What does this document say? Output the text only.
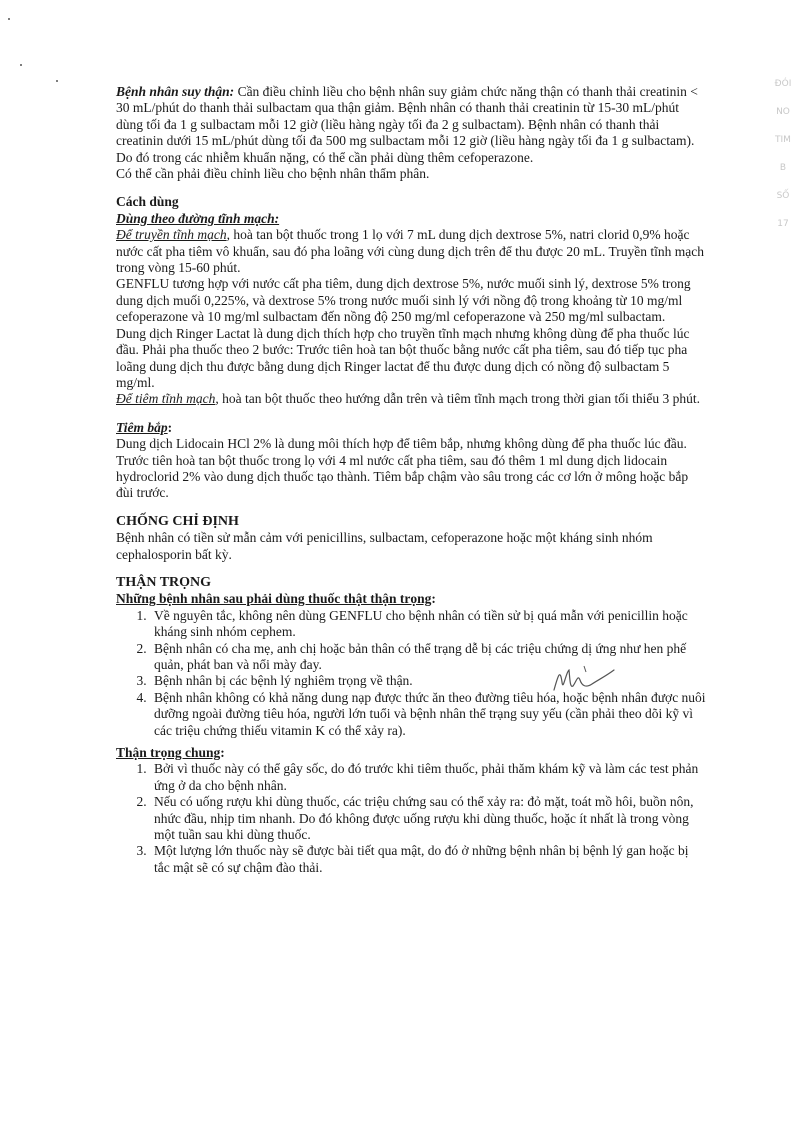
ĐÓI
NO
TIM
B
SỐ
17

Bệnh nhân suy thận: Cần điều chỉnh liều cho bệnh nhân suy giảm chức năng thận có thanh thải creatinin < 30 mL/phút do thanh thải sulbactam qua thận giảm. Bệnh nhân có thanh thải creatinin từ 15-30 mL/phút dùng tối đa 1 g sulbactam mỗi 12 giờ (liều hàng ngày tối đa 2 g sulbactam). Bệnh nhân có thanh thải creatinin dưới 15 mL/phút dùng tối đa 500 mg sulbactam mỗi 12 giờ (liều hàng ngày tối đa 1 g sulbactam). Do đó trong các nhiễm khuẩn nặng, có thể cần phải dùng thêm cefoperazone.

Có thể cần phải điều chỉnh liều cho bệnh nhân thẩm phân.

Cách dùng

Dùng theo đường tĩnh mạch:

Để truyền tĩnh mạch, hoà tan bột thuốc trong 1 lọ với 7 mL dung dịch dextrose 5%, natri clorid 0,9% hoặc nước cất pha tiêm vô khuẩn, sau đó pha loãng với cùng dung dịch trên để thu được 20 mL. Truyền tĩnh mạch trong vòng 15-60 phút.

GENFLU tương hợp với nước cất pha tiêm, dung dịch dextrose 5%, nước muối sinh lý, dextrose 5% trong dung dịch muối 0,225%, và dextrose 5% trong nước muối sinh lý với nồng độ trong khoảng từ 10 mg/ml cefoperazone và 10 mg/ml sulbactam đến nồng độ 250 mg/ml cefoperazone và 250 mg/ml sulbactam.

Dung dịch Ringer Lactat là dung dịch thích hợp cho truyền tĩnh mạch nhưng không dùng để pha thuốc lúc đầu. Phải pha thuốc theo 2 bước: Trước tiên hoà tan bột thuốc bằng nước cất pha tiêm, sau đó tiếp tục pha loãng dung dịch thu được bằng dung dịch Ringer lactat để thu được dung dịch có nồng độ sulbactam 5 mg/ml.

Để tiêm tĩnh mạch, hoà tan bột thuốc theo hướng dẫn trên và tiêm tĩnh mạch trong thời gian tối thiểu 3 phút.

Tiêm bắp:

Dung dịch Lidocain HCl 2% là dung môi thích hợp để tiêm bắp, nhưng không dùng để pha thuốc lúc đầu. Trước tiên hoà tan bột thuốc trong lọ với 4 ml nước cất pha tiêm, sau đó thêm 1 ml dung dịch lidocain hydroclorid 2% vào dung dịch thuốc tạo thành. Tiêm bắp chậm vào sâu trong các cơ lớn ở mông hoặc bắp đùi trước.

CHỐNG CHỈ ĐỊNH

Bệnh nhân có tiền sử mẫn cảm với penicillins, sulbactam, cefoperazone hoặc một kháng sinh nhóm cephalosporin bất kỳ.

THẬN TRỌNG

Những bệnh nhân sau phải dùng thuốc thật thận trọng:

1. Về nguyên tắc, không nên dùng GENFLU cho bệnh nhân có tiền sử bị quá mẫn với penicillin hoặc kháng sinh nhóm cephem.
2. Bệnh nhân có cha mẹ, anh chị hoặc bản thân có thể trạng dễ bị các triệu chứng dị ứng như hen phế quản, phát ban và nổi mày đay.
3. Bệnh nhân bị các bệnh lý nghiêm trọng về thận.
4. Bệnh nhân không có khả năng dung nạp được thức ăn theo đường tiêu hóa, hoặc bệnh nhân được nuôi dưỡng ngoài đường tiêu hóa, người lớn tuổi và bệnh nhân thể trạng suy yếu (cần phải theo dõi kỹ vì các triệu chứng thiếu vitamin K có thể xảy ra).

Thận trọng chung:

1. Bởi vì thuốc này có thể gây sốc, do đó trước khi tiêm thuốc, phải thăm khám kỹ và làm các test phản ứng ở da cho bệnh nhân.
2. Nếu có uống rượu khi dùng thuốc, các triệu chứng sau có thể xảy ra: đỏ mặt, toát mồ hôi, buồn nôn, nhức đầu, nhịp tim nhanh. Do đó không được uống rượu khi dùng thuốc, hoặc ít nhất là trong vòng một tuần sau khi dùng thuốc.
3. Một lượng lớn thuốc này sẽ được bài tiết qua mật, do đó ở những bệnh nhân bị bệnh lý gan hoặc bị tắc mật sẽ có sự chậm đào thải.
